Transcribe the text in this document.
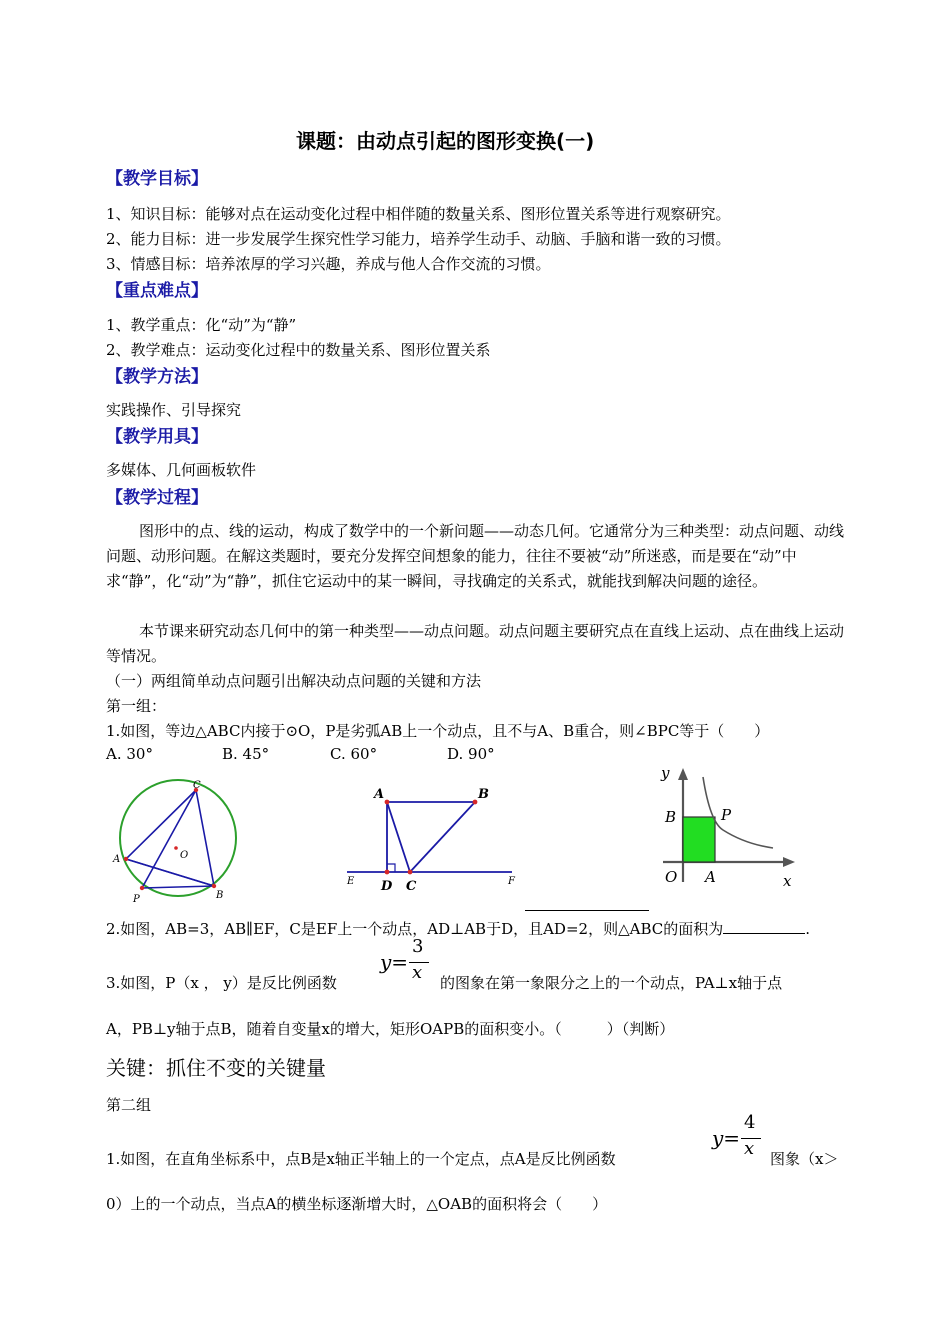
课题：由动点引起的图形变换(一)
【教学目标】
1、知识目标：能够对点在运动变化过程中相伴随的数量关系、图形位置关系等进行观察研究。
2、能力目标：进一步发展学生探究性学习能力，培养学生动手、动脑、手脑和谐一致的习惯。
3、情感目标：培养浓厚的学习兴趣，养成与他人合作交流的习惯。
【重点难点】
1、教学重点：化“动”为“静”
2、教学难点：运动变化过程中的数量关系、图形位置关系
【教学方法】
实践操作、引导探究
【教学用具】
多媒体、几何画板软件
【教学过程】
图形中的点、线的运动，构成了数学中的一个新问题——动态几何。它通常分为三种类型：动点问题、动线问题、动形问题。在解这类题时，要充分发挥空间想象的能力，往往不要被“动”所迷惑，而是要在“动”中求“静”，化“动”为“静”，抓住它运动中的某一瞬间，寻找确定的关系式，就能找到解决问题的途径。
本节课来研究动态几何中的第一种类型——动点问题。动点问题主要研究点在直线上运动、点在曲线上运动等情况。
（一）两组简单动点问题引出解决动点问题的关键和方法
第一组：
1.如图，等边△ABC内接于⊙O，P是劣弧AB上一个动点，且不与A、B重合，则∠BPC等于（　　）
A. 30°	B. 45°	C. 60°	D. 90°
C
A
B
P
O
A	B
D C
E	F
y
x
O A
B	P
2.如图，AB=3，AB∥EF，C是EF上一个动点，AD⊥AB于D，且AD=2，则△ABC的面积为	.
3.如图，P（x ， y）是反比例函数
y=
3
x 的图象在第一象限分之上的一个动点，PA⊥x轴于点
A，PB⊥y轴于点B，随着自变量x的增大，矩形OAPB的面积变小。（　　　）（判断）
关键：抓住不变的关键量
第二组
1.如图，在直角坐标系中，点B是x轴正半轴上的一个定点，点A是反比例函数
y=
4
x 图象（x＞
0）上的一个动点，当点A的横坐标逐渐增大时，△OAB的面积将会（　　）
